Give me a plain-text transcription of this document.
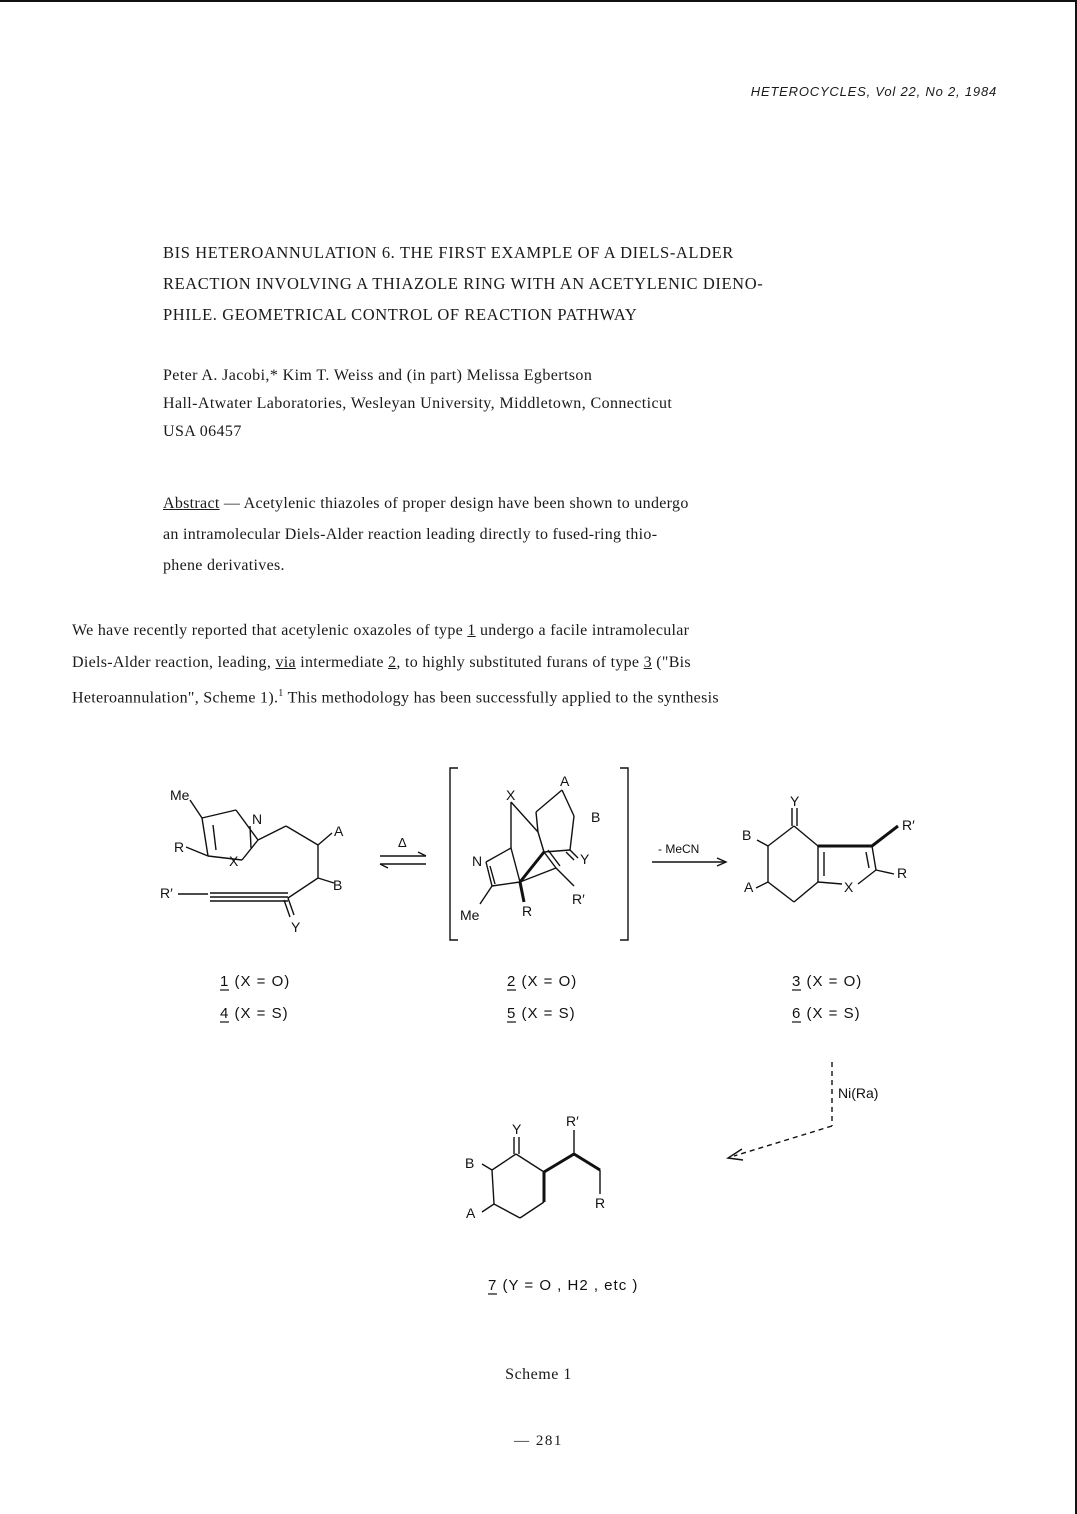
HETEROCYCLES, Vol 22, No 2, 1984
BIS HETEROANNULATION 6. THE FIRST EXAMPLE OF A DIELS-ALDER
REACTION INVOLVING A THIAZOLE RING WITH AN ACETYLENIC DIENO-
PHILE. GEOMETRICAL CONTROL OF REACTION PATHWAY
Peter A. Jacobi,* Kim T. Weiss and (in part) Melissa Egbertson
Hall-Atwater Laboratories, Wesleyan University, Middletown, Connecticut
USA 06457
Abstract — Acetylenic thiazoles of proper design have been shown to undergo
an intramolecular Diels-Alder reaction leading directly to fused-ring thio-
phene derivatives.
We have recently reported that acetylenic oxazoles of type 1 undergo a facile intramolecular
Diels-Alder reaction, leading, via intermediate 2, to highly substituted furans of type 3 ("Bis
Heteroannulation", Scheme 1).$^1$ This methodology has been successfully applied to the synthesis
Me
R
N
X
A
B
R′
Y
Δ
X
A
B
Y
N
Me	R
R′
- MeCN
Y
B
A	X
R′
R
1 (X = O)
4 (X = S)
2 (X = O)
5 (X = S)
3 (X = O)
6 (X = S)
Ni(Ra)
Y	R′
B
A
R
7 (Y = O , H2 , etc )
Scheme 1
— 281
